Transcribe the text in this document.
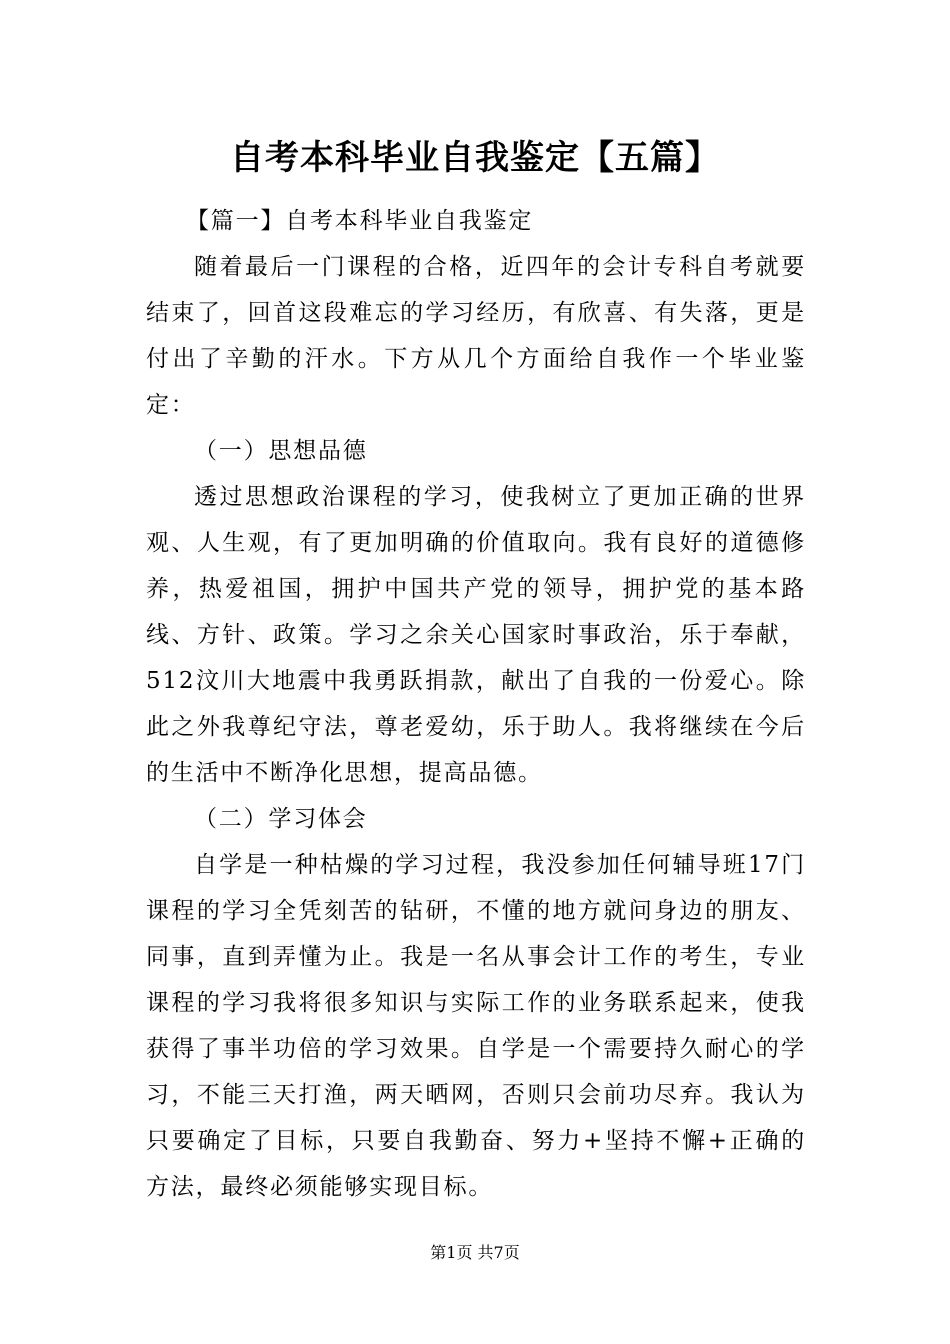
自考本科毕业自我鉴定【五篇】

【篇一】自考本科毕业自我鉴定

随着最后一门课程的合格，近四年的会计专科自考就要结束了，回首这段难忘的学习经历，有欣喜、有失落，更是付出了辛勤的汗水。下方从几个方面给自我作一个毕业鉴定：

（一）思想品德

透过思想政治课程的学习，使我树立了更加正确的世界观、人生观，有了更加明确的价值取向。我有良好的道德修养，热爱祖国，拥护中国共产党的领导，拥护党的基本路线、方针、政策。学习之余关心国家时事政治，乐于奉献，512汶川大地震中我勇跃捐款，献出了自我的一份爱心。除此之外我尊纪守法，尊老爱幼，乐于助人。我将继续在今后的生活中不断净化思想，提高品德。

（二）学习体会

自学是一种枯燥的学习过程，我没参加任何辅导班17门课程的学习全凭刻苦的钻研，不懂的地方就问身边的朋友、同事，直到弄懂为止。我是一名从事会计工作的考生，专业课程的学习我将很多知识与实际工作的业务联系起来，使我获得了事半功倍的学习效果。自学是一个需要持久耐心的学习，不能三天打渔，两天晒网，否则只会前功尽弃。我认为只要确定了目标，只要自我勤奋、努力+坚持不懈+正确的方法，最终必须能够实现目标。

第1页 共7页
